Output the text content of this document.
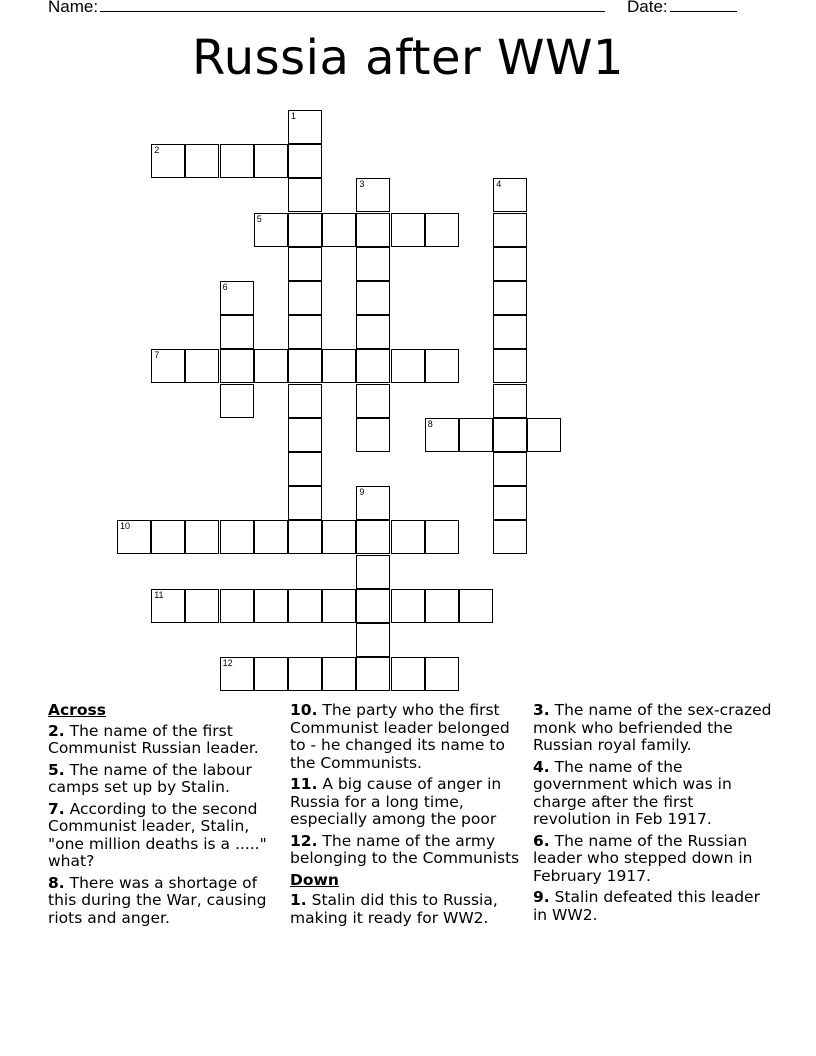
Name:	Date:
Russia after WW1
1
2
3	4
5
6
7
8
9
10
11
12
Across
2. The name of the first Communist Russian leader.
5. The name of the labour camps set up by Stalin.
7. According to the second Communist leader, Stalin, "one million deaths is a ....." what?
8. There was a shortage of this during the War, causing riots and anger.
10. The party who the first Communist leader belonged to - he changed its name to the Communists.
11. A big cause of anger in Russia for a long time, especially among the poor
12. The name of the army belonging to the Communists
Down
1. Stalin did this to Russia, making it ready for WW2.
3. The name of the sex-crazed monk who befriended the Russian royal family.
4. The name of the government which was in charge after the first revolution in Feb 1917.
6. The name of the Russian leader who stepped down in February 1917.
9. Stalin defeated this leader in WW2.
